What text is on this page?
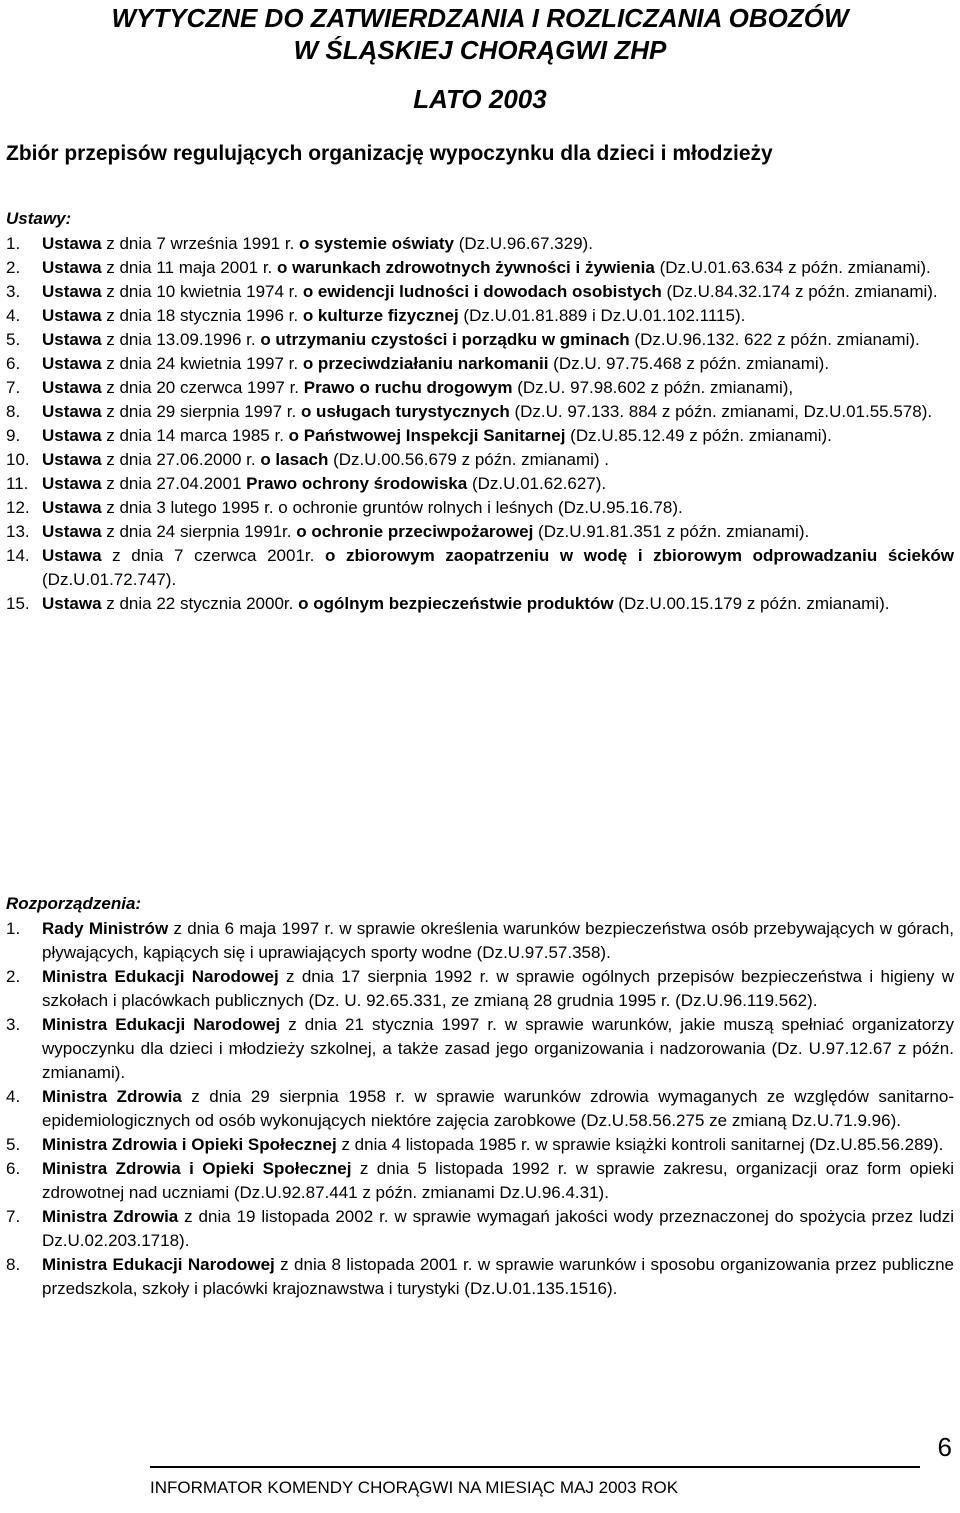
WYTYCZNE DO ZATWIERDZANIA I ROZLICZANIA OBOZÓW
W ŚLĄSKIEJ CHORĄGWI ZHP
LATO 2003
Zbiór przepisów regulujących organizację wypoczynku dla dzieci i młodzieży
Ustawy:
1. Ustawa z dnia 7 września 1991 r. o systemie oświaty (Dz.U.96.67.329).
2. Ustawa z dnia 11 maja 2001 r. o warunkach zdrowotnych żywności i żywienia (Dz.U.01.63.634 z późn. zmianami).
3. Ustawa z dnia 10 kwietnia 1974 r. o ewidencji ludności i dowodach osobistych (Dz.U.84.32.174 z późn. zmianami).
4. Ustawa z dnia 18 stycznia 1996 r. o kulturze fizycznej (Dz.U.01.81.889 i Dz.U.01.102.1115).
5. Ustawa z dnia 13.09.1996 r. o utrzymaniu czystości i porządku w gminach (Dz.U.96.132. 622 z późn. zmianami).
6. Ustawa z dnia 24 kwietnia 1997 r. o przeciwdziałaniu narkomanii (Dz.U. 97.75.468 z późn. zmianami).
7. Ustawa z dnia 20 czerwca 1997 r. Prawo o ruchu drogowym (Dz.U. 97.98.602 z późn. zmianami),
8. Ustawa z dnia 29 sierpnia 1997 r. o usługach turystycznych (Dz.U. 97.133. 884 z późn. zmianami, Dz.U.01.55.578).
9. Ustawa z dnia 14 marca 1985 r. o Państwowej Inspekcji Sanitarnej (Dz.U.85.12.49 z późn. zmianami).
10. Ustawa z dnia 27.06.2000 r. o lasach (Dz.U.00.56.679 z późn. zmianami) .
11. Ustawa z dnia 27.04.2001 Prawo ochrony środowiska (Dz.U.01.62.627).
12. Ustawa z dnia 3 lutego 1995 r. o ochronie gruntów rolnych i leśnych (Dz.U.95.16.78).
13. Ustawa z dnia 24 sierpnia 1991r. o ochronie przeciwpożarowej (Dz.U.91.81.351 z późn. zmianami).
14. Ustawa z dnia 7 czerwca 2001r. o zbiorowym zaopatrzeniu w wodę i zbiorowym odprowadzaniu ścieków (Dz.U.01.72.747).
15. Ustawa z dnia 22 stycznia 2000r. o ogólnym bezpieczeństwie produktów (Dz.U.00.15.179 z późn. zmianami).
Rozporządzenia:
1. Rady Ministrów z dnia 6 maja 1997 r. w sprawie określenia warunków bezpieczeństwa osób przebywających w górach, pływających, kąpiących się i uprawiających sporty wodne (Dz.U.97.57.358).
2. Ministra Edukacji Narodowej z dnia 17 sierpnia 1992 r. w sprawie ogólnych przepisów bezpieczeństwa i higieny w szkołach i placówkach publicznych (Dz. U. 92.65.331, ze zmianą 28 grudnia 1995 r. (Dz.U.96.119.562).
3. Ministra Edukacji Narodowej z dnia 21 stycznia 1997 r. w sprawie warunków, jakie muszą spełniać organizatorzy wypoczynku dla dzieci i młodzieży szkolnej, a także zasad jego organizowania i nadzorowania (Dz. U.97.12.67 z późn. zmianami).
4. Ministra Zdrowia z dnia 29 sierpnia 1958 r. w sprawie warunków zdrowia wymaganych ze względów sanitarno-epidemiologicznych od osób wykonujących niektóre zajęcia zarobkowe (Dz.U.58.56.275 ze zmianą Dz.U.71.9.96).
5. Ministra Zdrowia i Opieki Społecznej z dnia 4 listopada 1985 r. w sprawie książki kontroli sanitarnej (Dz.U.85.56.289).
6. Ministra Zdrowia i Opieki Społecznej z dnia 5 listopada 1992 r. w sprawie zakresu, organizacji oraz form opieki zdrowotnej nad uczniami (Dz.U.92.87.441 z późn. zmianami Dz.U.96.4.31).
7. Ministra Zdrowia z dnia 19 listopada 2002 r. w sprawie wymagań jakości wody przeznaczonej do spożycia przez ludzi Dz.U.02.203.1718).
8. Ministra Edukacji Narodowej z dnia 8 listopada 2001 r. w sprawie warunków i sposobu organizowania przez publiczne przedszkola, szkoły i placówki krajoznawstwa i turystyki (Dz.U.01.135.1516).
6
INFORMATOR KOMENDY CHORĄGWI NA MIESIĄC MAJ 2003 ROK
